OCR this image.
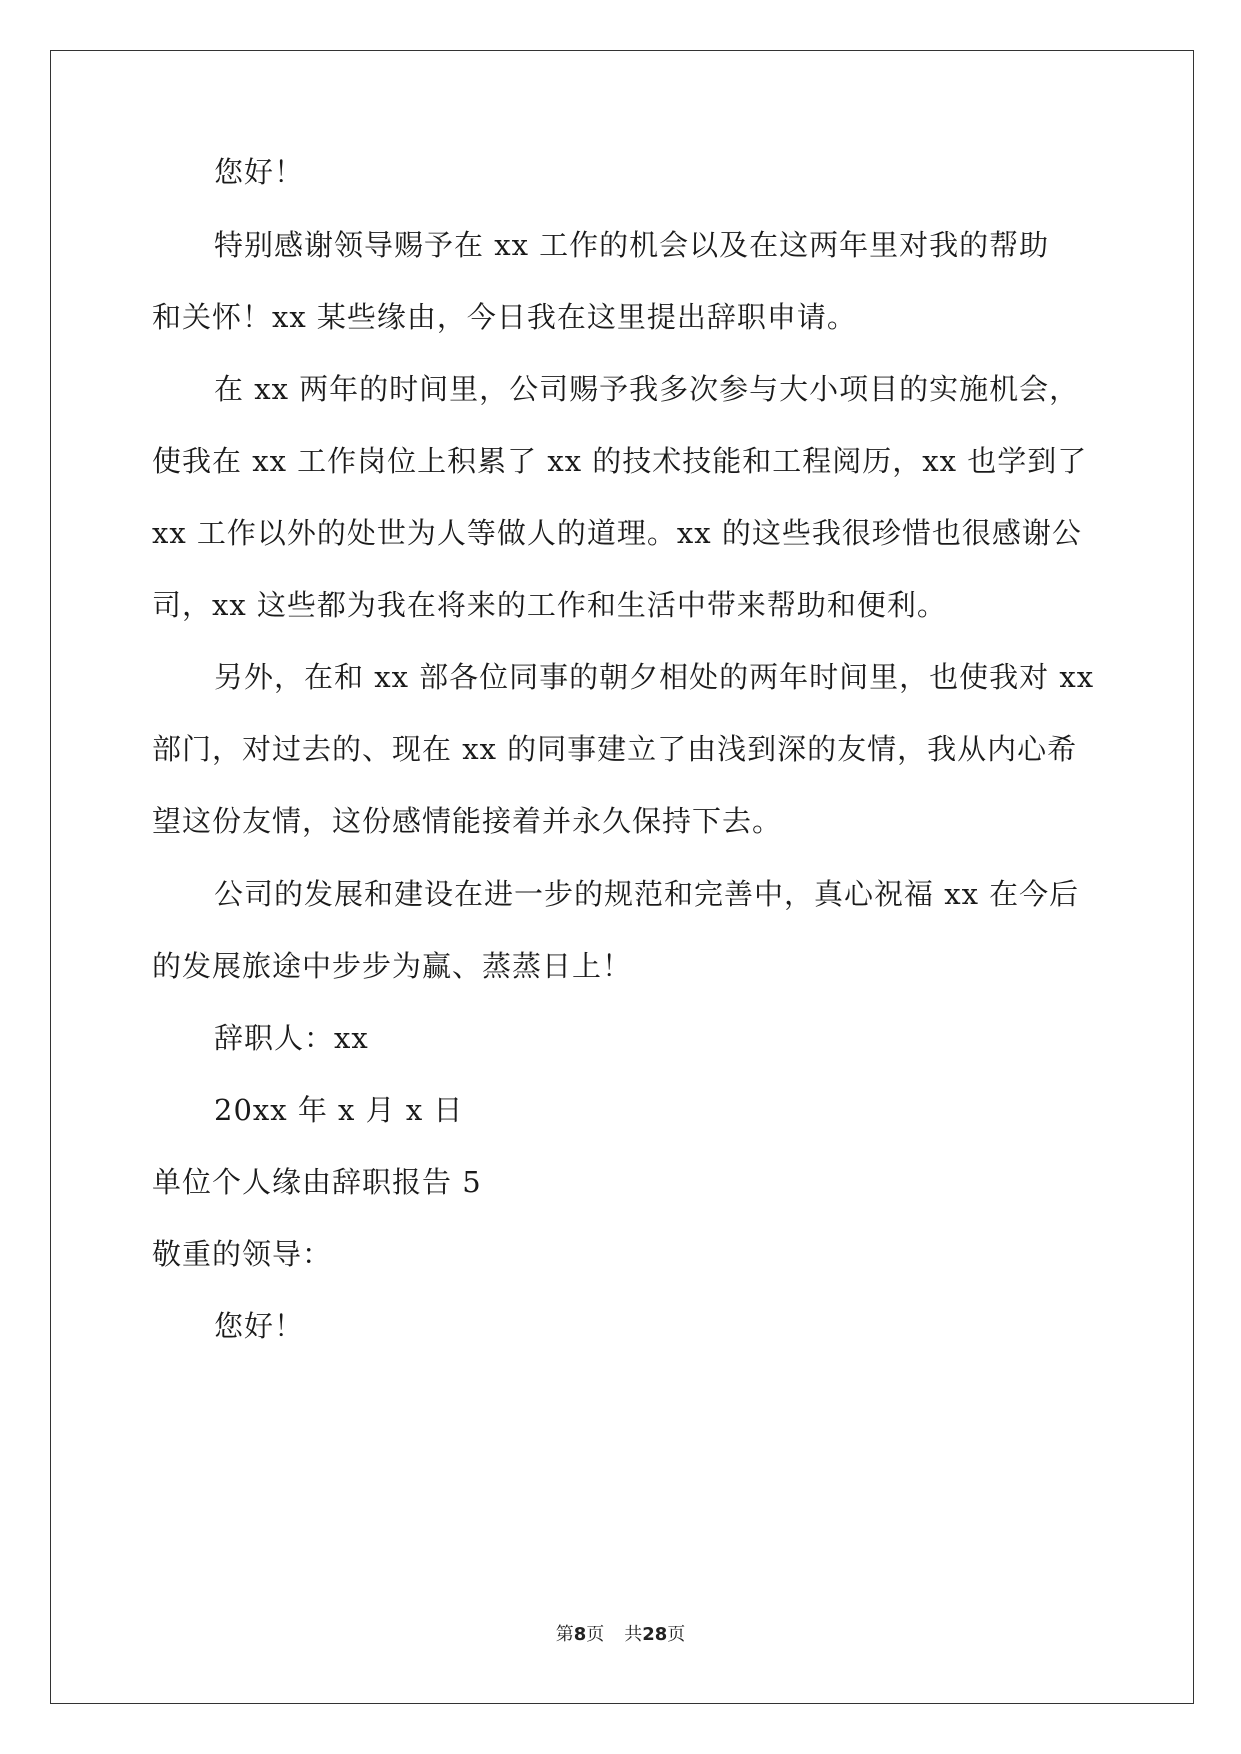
您好！
特别感谢领导赐予在 xx 工作的机会以及在这两年里对我的帮助
和关怀！xx 某些缘由，今日我在这里提出辞职申请。
在 xx 两年的时间里，公司赐予我多次参与大小项目的实施机会，
使我在 xx 工作岗位上积累了 xx 的技术技能和工程阅历，xx 也学到了
xx 工作以外的处世为人等做人的道理。xx 的这些我很珍惜也很感谢公
司，xx 这些都为我在将来的工作和生活中带来帮助和便利。
另外，在和 xx 部各位同事的朝夕相处的两年时间里，也使我对 xx
部门，对过去的、现在 xx 的同事建立了由浅到深的友情，我从内心希
望这份友情，这份感情能接着并永久保持下去。
公司的发展和建设在进一步的规范和完善中，真心祝福 xx 在今后
的发展旅途中步步为赢、蒸蒸日上！
辞职人：xx
20xx 年 x 月 x 日
单位个人缘由辞职报告 5
敬重的领导：
您好！
第8页 共28页
